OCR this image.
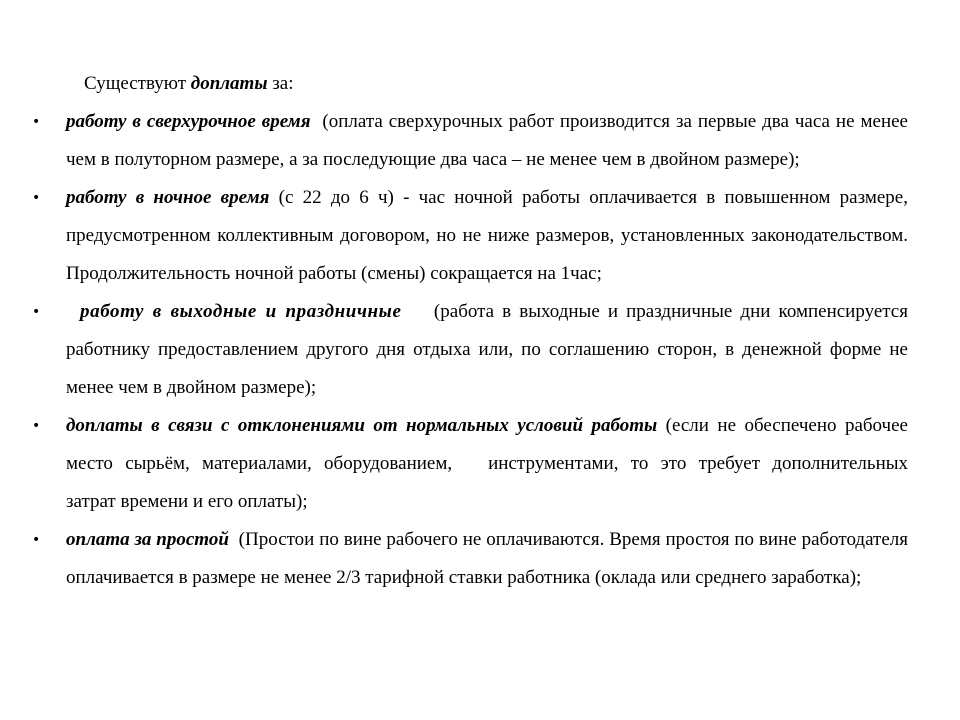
Существуют доплаты за:
• работу в сверхурочное время  (оплата сверхурочных работ производится за первые два часа не менее чем в полуторном размере, а за последующие два часа – не менее чем в двойном размере);
• работу в ночное время (с 22 до 6 ч) - час ночной работы оплачивается в повышенном размере, предусмотренном коллективным договором, но не ниже размеров, установленных законодательством. Продолжительность ночной работы (смены) сокращается на 1час;
• работу в выходные и праздничные    (работа в выходные и праздничные дни компенсируется работнику предоставлением другого дня отдыха или, по соглашению сторон, в денежной форме не менее чем в двойном размере);
• доплаты в связи с отклонениями от нормальных условий работы (если не обеспечено рабочее место сырьём, материалами, оборудованием, инструментами, то это требует дополнительных затрат времени и его оплаты);
• оплата за простой  (Простои по вине рабочего не оплачиваются. Время простоя по вине работодателя оплачивается в размере не менее 2/3 тарифной ставки работника (оклада или среднего заработка);
